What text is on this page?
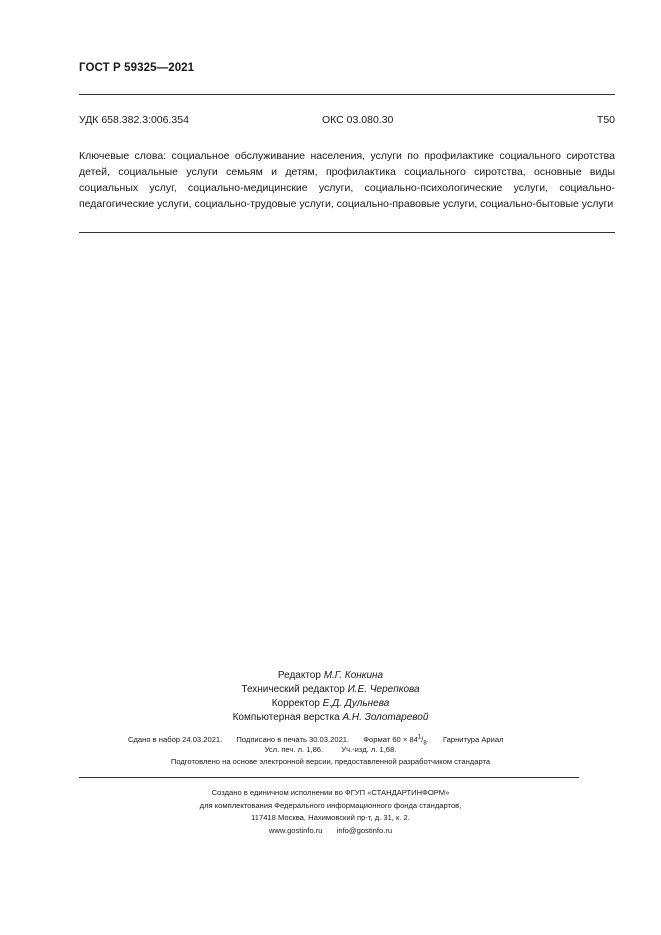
ГОСТ Р 59325—2021
УДК 658.382.3:006.354	ОКС 03.080.30	Т50
Ключевые слова: социальное обслуживание населения, услуги по профилактике социального сиротства детей, социальные услуги семьям и детям, профилактика социального сиротства, основные виды социальных услуг, социально-медицинские услуги, социально-психологические услуги, социально-педагогические услуги, социально-трудовые услуги, социально-правовые услуги, социально-бытовые услуги
Редактор М.Г. Конкина
Технический редактор И.Е. Черепкова
Корректор Е.Д. Дульнева
Компьютерная верстка А.Н. Золотаревой
Сдано в набор 24.03.2021. Подписано в печать 30.03.2021. Формат $60 \times 84^1/_8$. Гарнитура Ариал
Усл. печ. л. 1,86. Уч.-изд. л. 1,68.
Подготовлено на основе электронной версии, предоставленной разработчиком стандарта
Создано в единичном исполнении во ФГУП «СТАНДАРТИНФОРМ»
для комплектования Федерального информационного фонда стандартов,
117418 Москва, Нахимовский пр-т, д. 31, к. 2.
www.gostinfo.ru info@gostinfo.ru
